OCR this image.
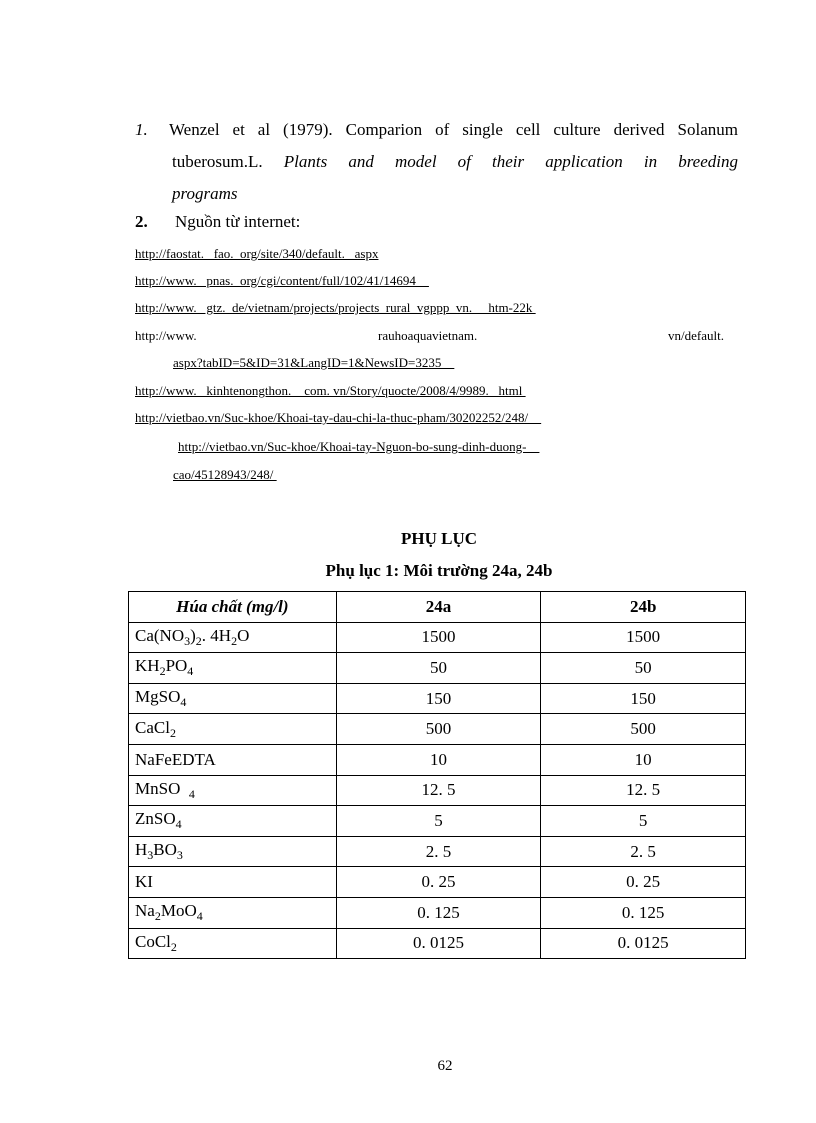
1. Wenzel et al (1979). Comparion of single cell culture derived Solanum
tuberosum.L. Plants and model of their application in breeding
programs
2. Nguồn từ internet:
http://faostat.   fao.  org/site/340/default.   aspx
http://www.   pnas.  org/cgi/content/full/102/41/14694
http://www.   gtz.  de/vietnam/projects/projects_rural_vgppp_vn.     htm-22k
http://www.	rauhoaquavietnam.	vn/default.
aspx?tabID=5&ID=31&LangID=1&NewsID=3235
http://www.   kinhtenongthon.    com. vn/Story/quocte/2008/4/9989.   html
http://vietbao.vn/Suc-khoe/Khoai-tay-dau-chi-la-thuc-pham/30202252/248/
http://vietbao.vn/Suc-khoe/Khoai-tay-Nguon-bo-sung-dinh-duong-
cao/45128943/248/
PHỤ LỤC
Phụ lục 1: Môi trường 24a, 24b
Húa chất (mg/l)	24a	24b
$Ca(NO_3)_2$. $4H_2O$	1500	1500
$KH_2PO_4$	50	50
MgSO$_4$	150	150
CaCl$_2$	500	500
NaFeEDTA	10	10
MnSO  $_4$	12. 5	12. 5
ZnSO$_4$	5	5
$H_3BO_3$	2. 5	2. 5
KI	0. 25	0. 25
$Na_2MoO_4$	0. 125	0. 125
CoCl$_2$	0. 0125	0. 0125
62
